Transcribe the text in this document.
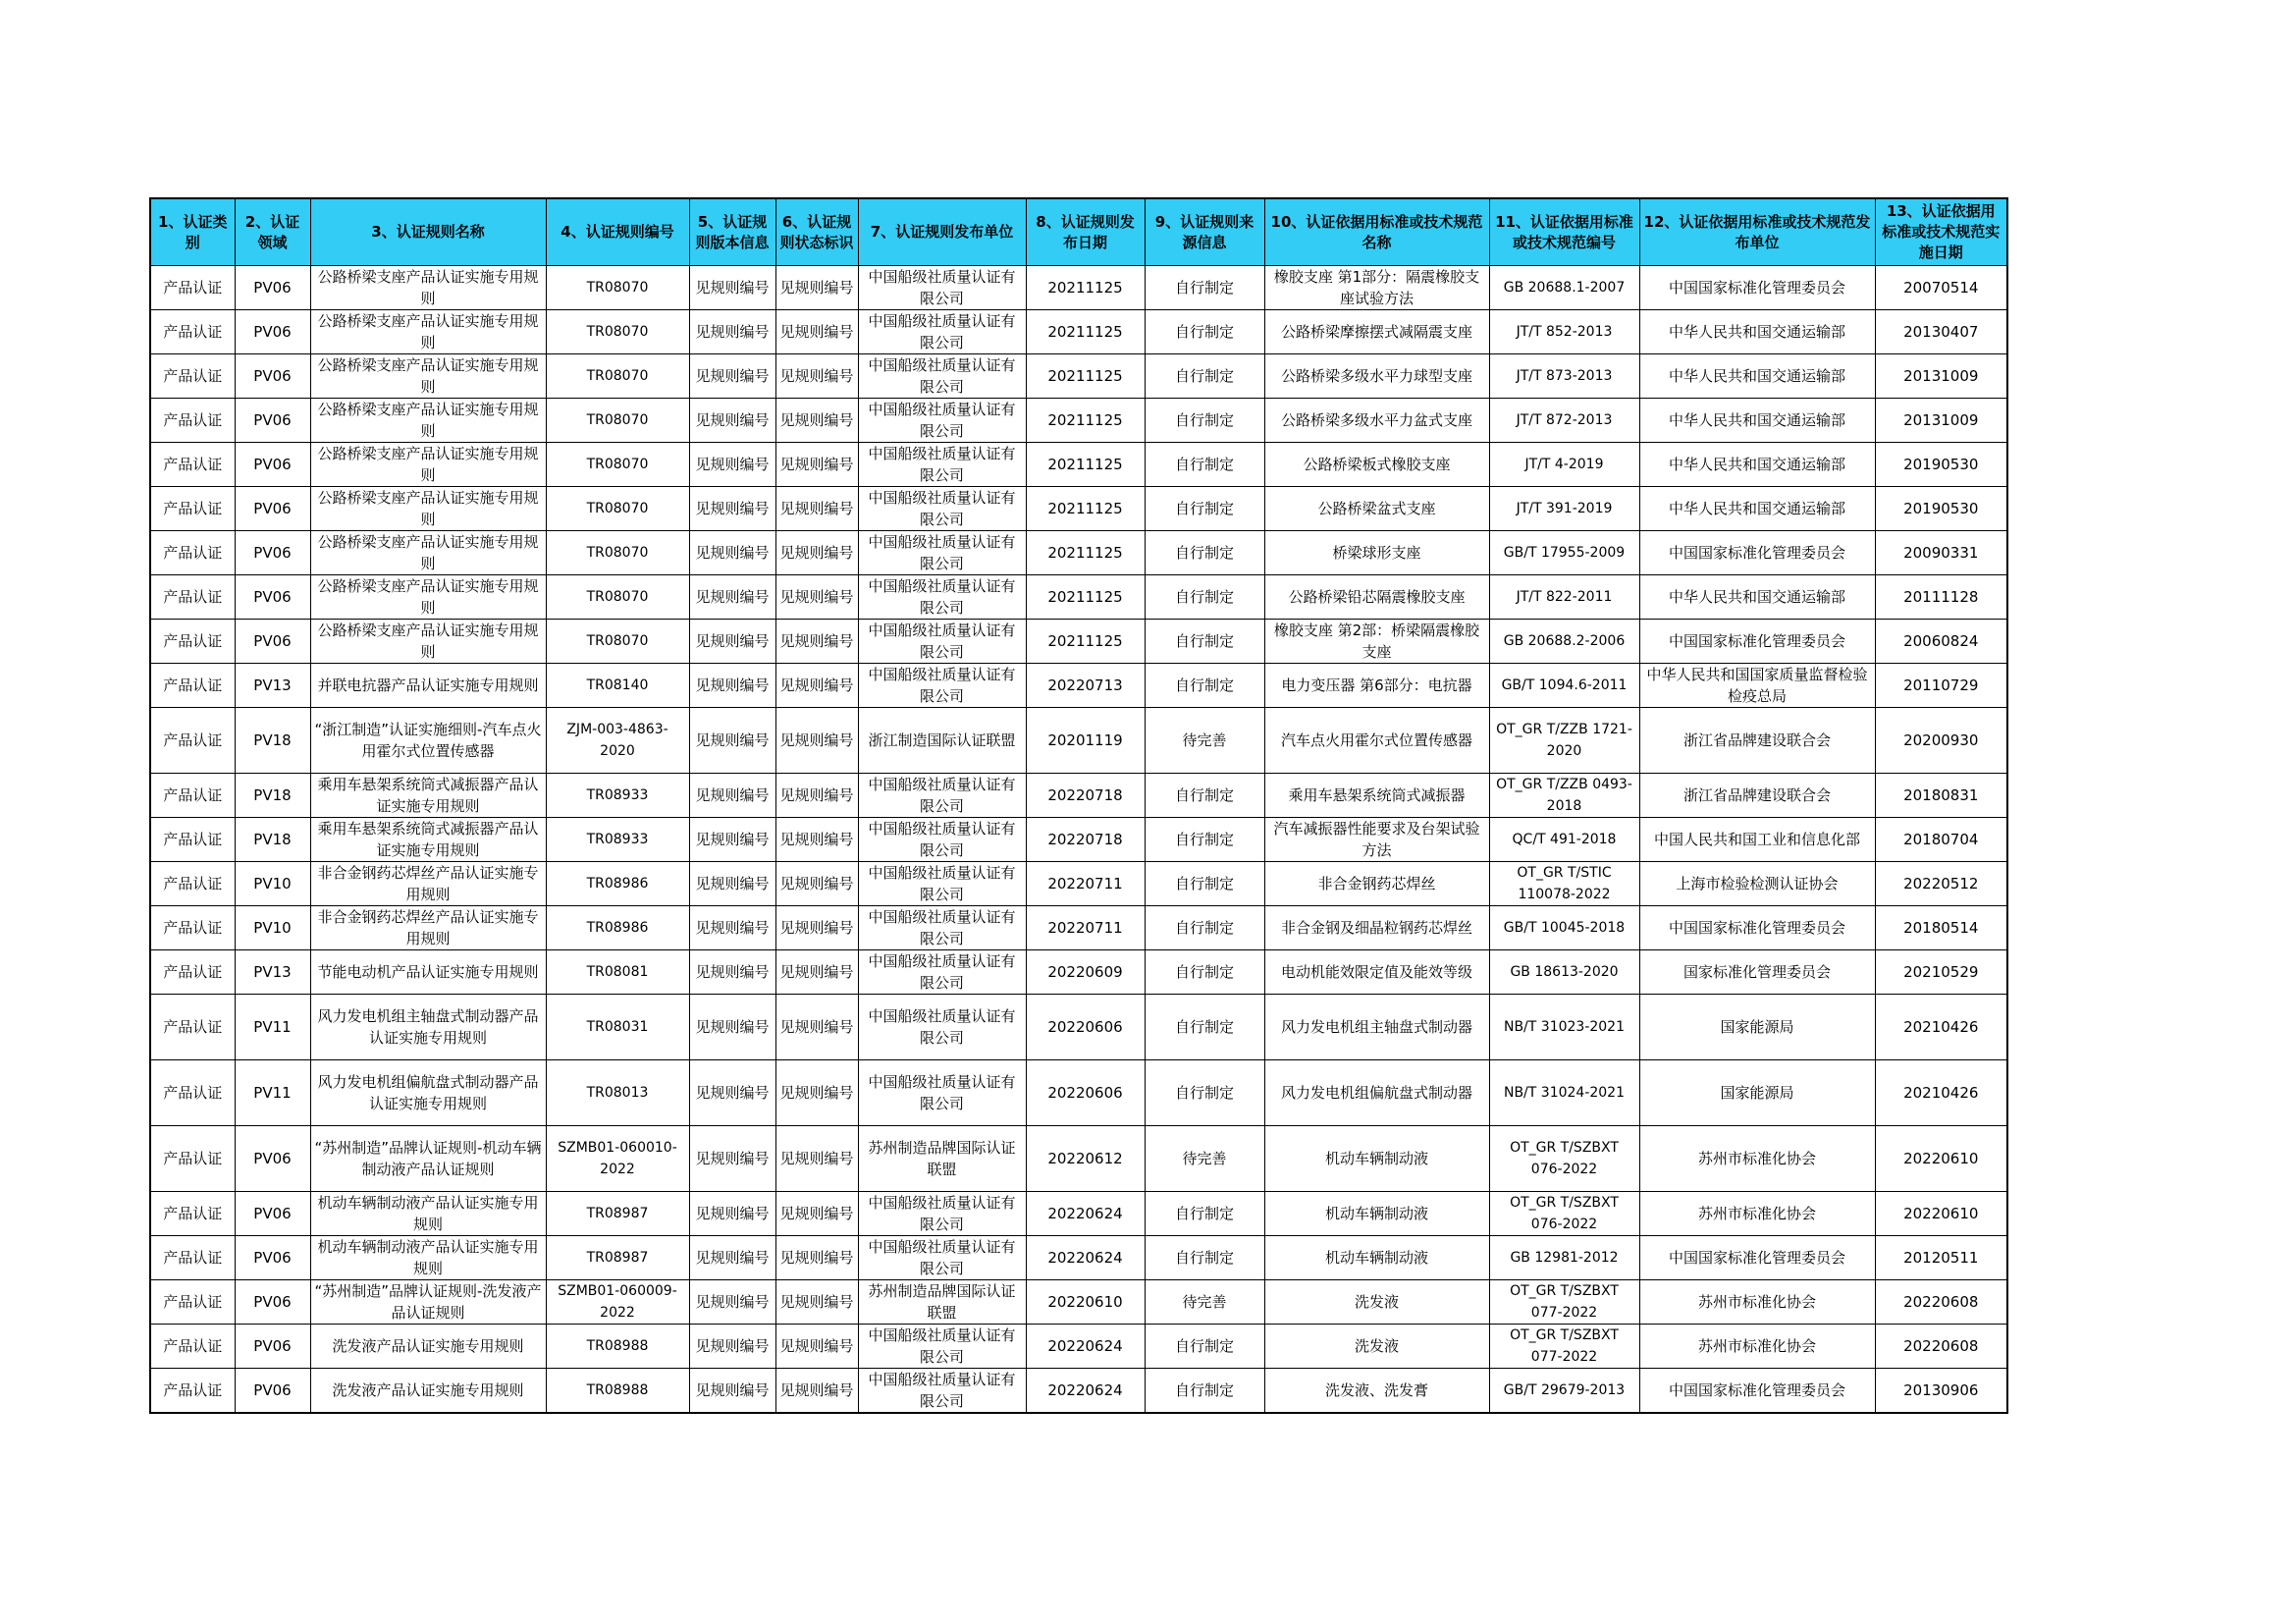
1、认证类别	2、认证领域	3、认证规则名称	4、认证规则编号	5、认证规则版本信息	6、认证规则状态标识	7、认证规则发布单位	8、认证规则发布日期	9、认证规则来源信息	10、认证依据用标准或技术规范名称	11、认证依据用标准或技术规范编号	12、认证依据用标准或技术规范发布单位	13、认证依据用标准或技术规范实施日期

产品认证	PV06	公路桥梁支座产品认证实施专用规则	TR08070	见规则编号	见规则编号	中国船级社质量认证有限公司	20211125	自行制定	橡胶支座 第1部分：隔震橡胶支座试验方法	GB 20688.1-2007	中国国家标准化管理委员会	20070514

产品认证	PV06	公路桥梁支座产品认证实施专用规则	TR08070	见规则编号	见规则编号	中国船级社质量认证有限公司	20211125	自行制定	公路桥梁摩擦摆式减隔震支座	JT/T 852-2013	中华人民共和国交通运输部	20130407

产品认证	PV06	公路桥梁支座产品认证实施专用规则	TR08070	见规则编号	见规则编号	中国船级社质量认证有限公司	20211125	自行制定	公路桥梁多级水平力球型支座	JT/T 873-2013	中华人民共和国交通运输部	20131009

产品认证	PV06	公路桥梁支座产品认证实施专用规则	TR08070	见规则编号	见规则编号	中国船级社质量认证有限公司	20211125	自行制定	公路桥梁多级水平力盆式支座	JT/T 872-2013	中华人民共和国交通运输部	20131009

产品认证	PV06	公路桥梁支座产品认证实施专用规则	TR08070	见规则编号	见规则编号	中国船级社质量认证有限公司	20211125	自行制定	公路桥梁板式橡胶支座	JT/T 4-2019	中华人民共和国交通运输部	20190530

产品认证	PV06	公路桥梁支座产品认证实施专用规则	TR08070	见规则编号	见规则编号	中国船级社质量认证有限公司	20211125	自行制定	公路桥梁盆式支座	JT/T 391-2019	中华人民共和国交通运输部	20190530

产品认证	PV06	公路桥梁支座产品认证实施专用规则	TR08070	见规则编号	见规则编号	中国船级社质量认证有限公司	20211125	自行制定	桥梁球形支座	GB/T 17955-2009	中国国家标准化管理委员会	20090331

产品认证	PV06	公路桥梁支座产品认证实施专用规则	TR08070	见规则编号	见规则编号	中国船级社质量认证有限公司	20211125	自行制定	公路桥梁铅芯隔震橡胶支座	JT/T 822-2011	中华人民共和国交通运输部	20111128

产品认证	PV06	公路桥梁支座产品认证实施专用规则	TR08070	见规则编号	见规则编号	中国船级社质量认证有限公司	20211125	自行制定	橡胶支座 第2部：桥梁隔震橡胶支座	GB 20688.2-2006	中国国家标准化管理委员会	20060824

产品认证	PV13	并联电抗器产品认证实施专用规则	TR08140	见规则编号	见规则编号	中国船级社质量认证有限公司	20220713	自行制定	电力变压器 第6部分：电抗器	GB/T 1094.6-2011	中华人民共和国国家质量监督检验检疫总局	20110729

产品认证	PV18	“浙江制造”认证实施细则-汽车点火用霍尔式位置传感器	ZJM-003-4863-2020	见规则编号	见规则编号	浙江制造国际认证联盟	20201119	待完善	汽车点火用霍尔式位置传感器	OT_GR T/ZZB 1721-2020	浙江省品牌建设联合会	20200930

产品认证	PV18	乘用车悬架系统筒式减振器产品认证实施专用规则	TR08933	见规则编号	见规则编号	中国船级社质量认证有限公司	20220718	自行制定	乘用车悬架系统筒式减振器	OT_GR T/ZZB 0493-2018	浙江省品牌建设联合会	20180831

产品认证	PV18	乘用车悬架系统筒式减振器产品认证实施专用规则	TR08933	见规则编号	见规则编号	中国船级社质量认证有限公司	20220718	自行制定	汽车减振器性能要求及台架试验方法	QC/T 491-2018	中国人民共和国工业和信息化部	20180704

产品认证	PV10	非合金钢药芯焊丝产品认证实施专用规则	TR08986	见规则编号	见规则编号	中国船级社质量认证有限公司	20220711	自行制定	非合金钢药芯焊丝	OT_GR T/STIC 110078-2022	上海市检验检测认证协会	20220512

产品认证	PV10	非合金钢药芯焊丝产品认证实施专用规则	TR08986	见规则编号	见规则编号	中国船级社质量认证有限公司	20220711	自行制定	非合金钢及细晶粒钢药芯焊丝	GB/T 10045-2018	中国国家标准化管理委员会	20180514

产品认证	PV13	节能电动机产品认证实施专用规则	TR08081	见规则编号	见规则编号	中国船级社质量认证有限公司	20220609	自行制定	电动机能效限定值及能效等级	GB 18613-2020	国家标准化管理委员会	20210529

产品认证	PV11	风力发电机组主轴盘式制动器产品认证实施专用规则	TR08031	见规则编号	见规则编号	中国船级社质量认证有限公司	20220606	自行制定	风力发电机组主轴盘式制动器	NB/T 31023-2021	国家能源局	20210426

产品认证	PV11	风力发电机组偏航盘式制动器产品认证实施专用规则	TR08013	见规则编号	见规则编号	中国船级社质量认证有限公司	20220606	自行制定	风力发电机组偏航盘式制动器	NB/T 31024-2021	国家能源局	20210426

产品认证	PV06	“苏州制造”品牌认证规则-机动车辆制动液产品认证规则	SZMB01-060010-2022	见规则编号	见规则编号	苏州制造品牌国际认证联盟	20220612	待完善	机动车辆制动液	OT_GR T/SZBXT 076-2022	苏州市标准化协会	20220610

产品认证	PV06	机动车辆制动液产品认证实施专用规则	TR08987	见规则编号	见规则编号	中国船级社质量认证有限公司	20220624	自行制定	机动车辆制动液	OT_GR T/SZBXT 076-2022	苏州市标准化协会	20220610

产品认证	PV06	机动车辆制动液产品认证实施专用规则	TR08987	见规则编号	见规则编号	中国船级社质量认证有限公司	20220624	自行制定	机动车辆制动液	GB 12981-2012	中国国家标准化管理委员会	20120511

产品认证	PV06	“苏州制造”品牌认证规则-洗发液产品认证规则	SZMB01-060009-2022	见规则编号	见规则编号	苏州制造品牌国际认证联盟	20220610	待完善	洗发液	OT_GR T/SZBXT 077-2022	苏州市标准化协会	20220608

产品认证	PV06	洗发液产品认证实施专用规则	TR08988	见规则编号	见规则编号	中国船级社质量认证有限公司	20220624	自行制定	洗发液	OT_GR T/SZBXT 077-2022	苏州市标准化协会	20220608

产品认证	PV06	洗发液产品认证实施专用规则	TR08988	见规则编号	见规则编号	中国船级社质量认证有限公司	20220624	自行制定	洗发液、洗发膏	GB/T 29679-2013	中国国家标准化管理委员会	20130906
